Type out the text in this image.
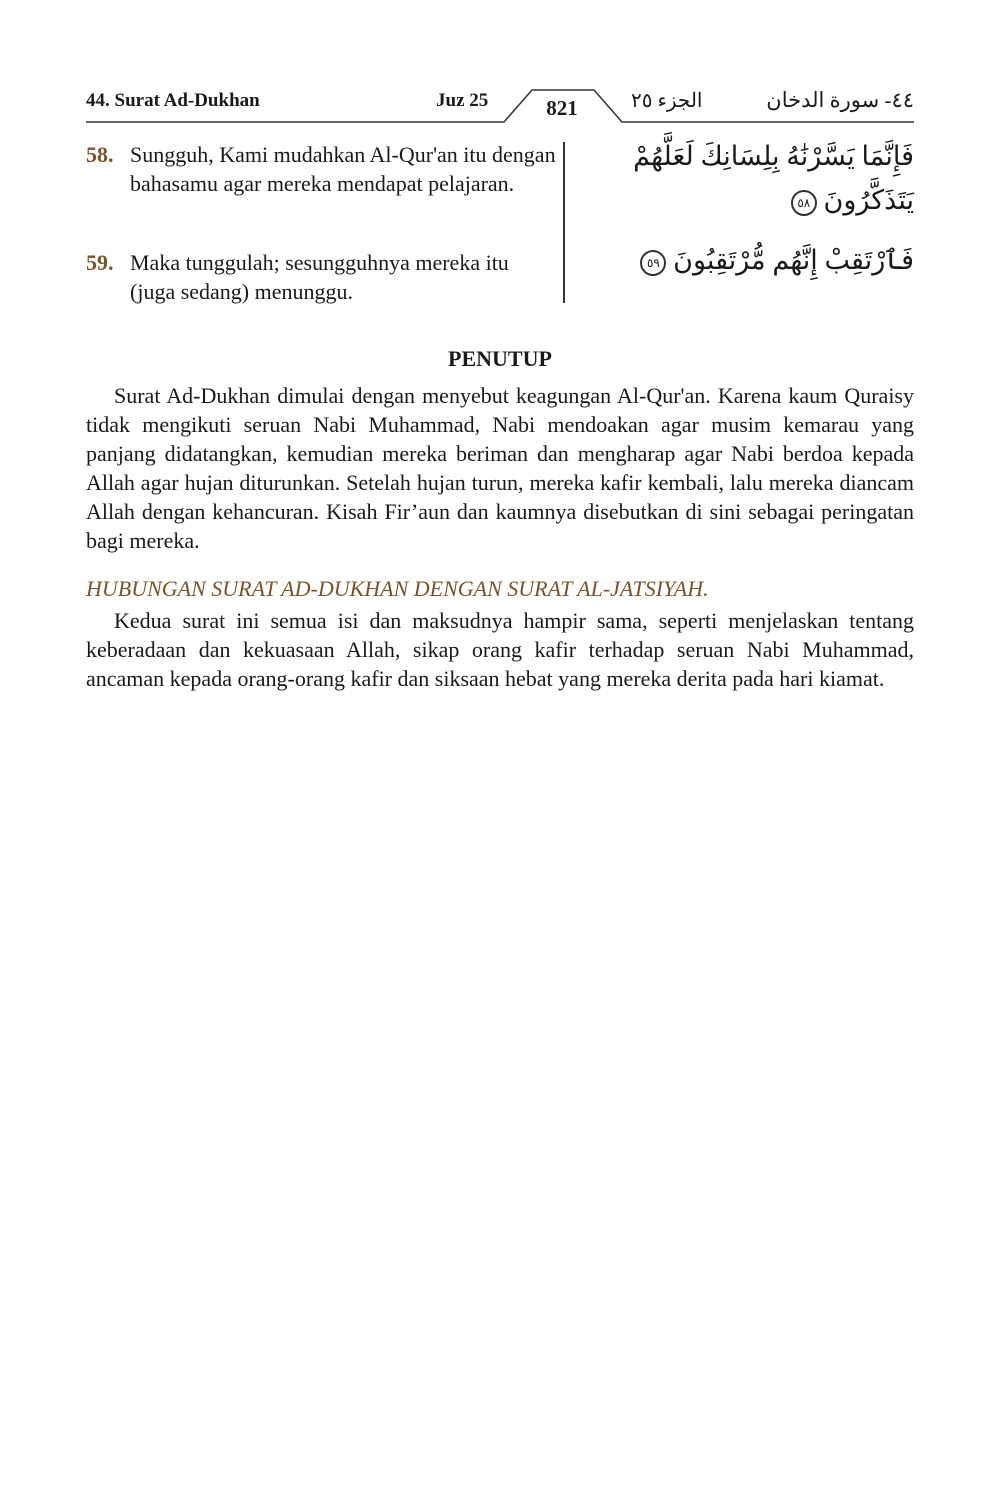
44. Surat Ad-Dukhan	Juz 25	821	الجزء ٢٥	٤٤- سورة الدخان
58. Sungguh, Kami mudahkan Al-Qur'an itu dengan bahasamu agar mereka mendapat pelajaran.
59. Maka tunggulah; sesungguhnya mereka itu (juga sedang) menunggu.
فَإِنَّمَا يَسَّرْنَٰهُ بِلِسَانِكَ لَعَلَّهُمْ
يَتَذَكَّرُونَ ٥٨
فَٱرْتَقِبْ إِنَّهُم مُّرْتَقِبُونَ ٥٩
PENUTUP
Surat Ad-Dukhan dimulai dengan menyebut keagungan Al-Qur'an. Karena kaum Quraisy tidak mengikuti seruan Nabi Muhammad, Nabi mendoakan agar musim kemarau yang panjang didatangkan, kemudian mereka beriman dan mengharap agar Nabi berdoa kepada Allah agar hujan diturunkan. Setelah hujan turun, mereka kafir kembali, lalu mereka diancam Allah dengan kehancuran. Kisah Fir’aun dan kaumnya disebutkan di sini sebagai peringatan bagi mereka.
HUBUNGAN SURAT AD-DUKHAN DENGAN SURAT AL-JATSIYAH.
Kedua surat ini semua isi dan maksudnya hampir sama, seperti menjelaskan tentang keberadaan dan kekuasaan Allah, sikap orang kafir terhadap seruan Nabi Muhammad, ancaman kepada orang-orang kafir dan siksaan hebat yang mereka derita pada hari kiamat.
